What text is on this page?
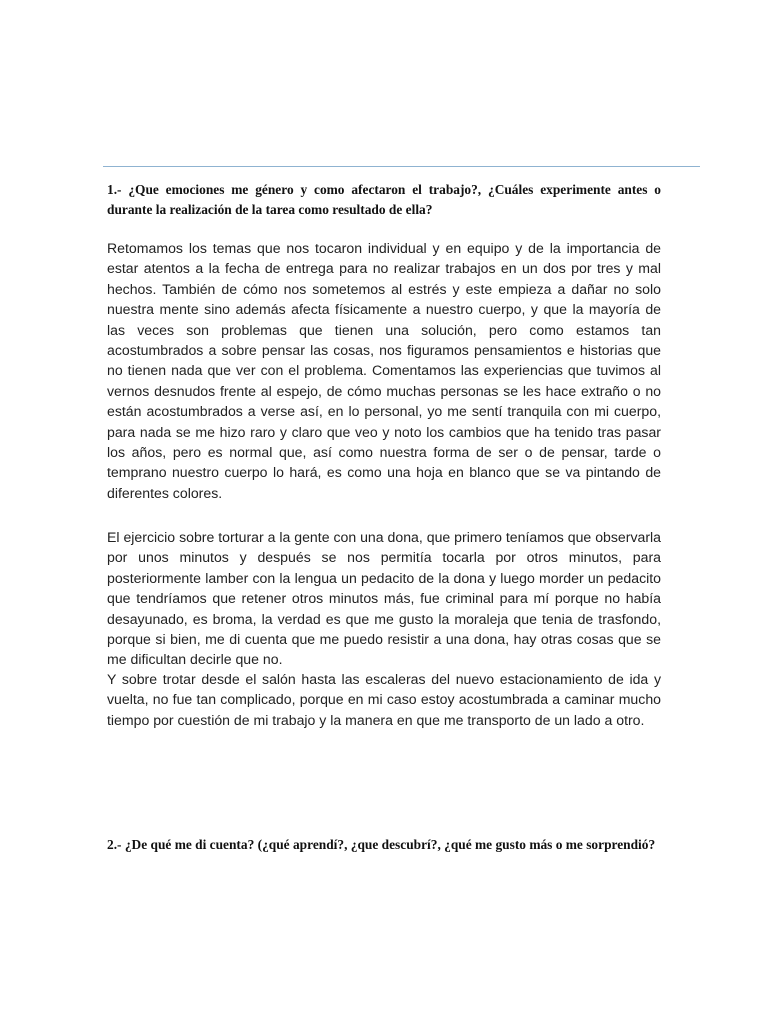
1.- ¿Que emociones me género y como afectaron el trabajo?, ¿Cuáles experimente antes o durante la realización de la tarea como resultado de ella?

Retomamos los temas que nos tocaron individual y en equipo y de la importancia de estar atentos a la fecha de entrega para no realizar trabajos en un dos por tres y mal hechos. También de cómo nos sometemos al estrés y este empieza a dañar no solo nuestra mente sino además afecta físicamente a nuestro cuerpo, y que la mayoría de las veces son problemas que tienen una solución, pero como estamos tan acostumbrados a sobre pensar las cosas, nos figuramos pensamientos e historias que no tienen nada que ver con el problema. Comentamos las experiencias que tuvimos al vernos desnudos frente al espejo, de cómo muchas personas se les hace extraño o no están acostumbrados a verse así, en lo personal, yo me sentí tranquila con mi cuerpo, para nada se me hizo raro y claro que veo y noto los cambios que ha tenido tras pasar los años, pero es normal que, así como nuestra forma de ser o de pensar, tarde o temprano nuestro cuerpo lo hará, es como una hoja en blanco que se va pintando de diferentes colores.

El ejercicio sobre torturar a la gente con una dona, que primero teníamos que observarla por unos minutos y después se nos permitía tocarla por otros minutos, para posteriormente lamber con la lengua un pedacito de la dona y luego morder un pedacito que tendríamos que retener otros minutos más, fue criminal para mí porque no había desayunado, es broma, la verdad es que me gusto la moraleja que tenia de trasfondo, porque si bien, me di cuenta que me puedo resistir a una dona, hay otras cosas que se me dificultan decirle que no.

Y sobre trotar desde el salón hasta las escaleras del nuevo estacionamiento de ida y vuelta, no fue tan complicado, porque en mi caso estoy acostumbrada a caminar mucho tiempo por cuestión de mi trabajo y la manera en que me transporto de un lado a otro.

2.- ¿De qué me di cuenta? (¿qué aprendí?, ¿que descubrí?, ¿qué me gusto más o me sorprendió?
